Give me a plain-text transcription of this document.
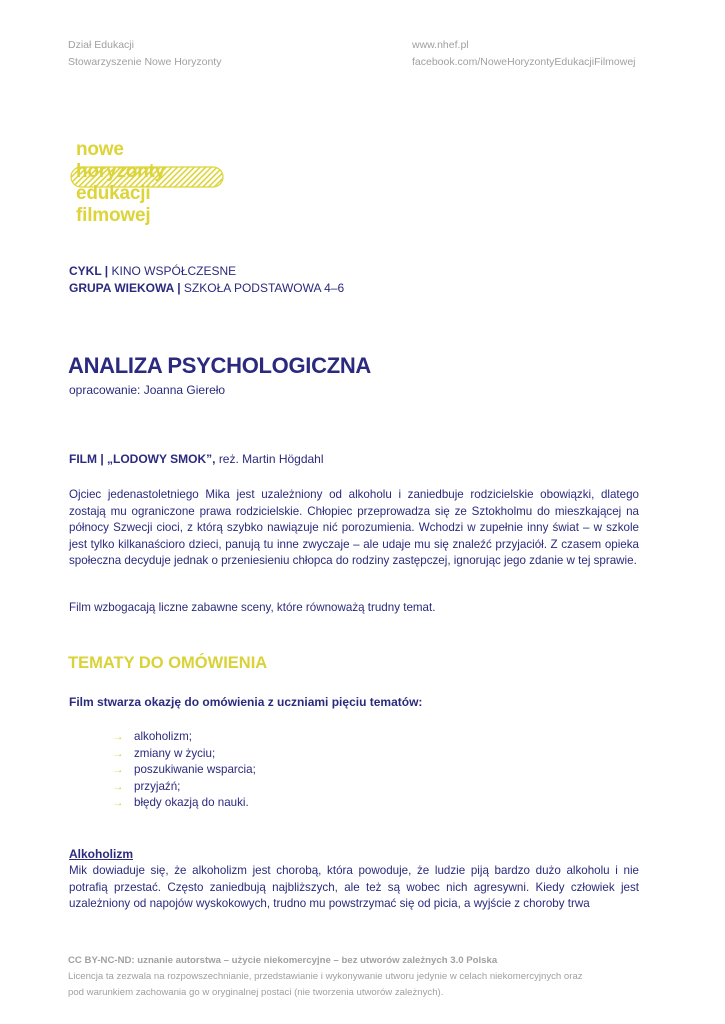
Dział Edukacji
Stowarzyszenie Nowe Horyzonty
www.nhef.pl
facebook.com/NoweHoryzontyEdukacjiFilmowej
nowe
horyzonty
edukacji
filmowej
CYKL | KINO WSPÓŁCZESNE
GRUPA WIEKOWA | SZKOŁA PODSTAWOWA 4–6
ANALIZA PSYCHOLOGICZNA
opracowanie: Joanna Giereło
FILM | „LODOWY SMOK”, reż. Martin Högdahl
Ojciec jedenastoletniego Mika jest uzależniony od alkoholu i zaniedbuje rodzicielskie obowiązki, dlatego zostają mu ograniczone prawa rodzicielskie. Chłopiec przeprowadza się ze Sztokholmu do mieszkającej na północy Szwecji cioci, z którą szybko nawiązuje nić porozumienia. Wchodzi w zupełnie inny świat – w szkole jest tylko kilkanaścioro dzieci, panują tu inne zwyczaje – ale udaje mu się znaleźć przyjaciół. Z czasem opieka społeczna decyduje jednak o przeniesieniu chłopca do rodziny zastępczej, ignorując jego zdanie w tej sprawie.
Film wzbogacają liczne zabawne sceny, które równoważą trudny temat.
TEMATY DO OMÓWIENIA
Film stwarza okazję do omówienia z uczniami pięciu tematów:
→ alkoholizm;
→ zmiany w życiu;
→ poszukiwanie wsparcia;
→ przyjaźń;
→ błędy okazją do nauki.
Alkoholizm
Mik dowiaduje się, że alkoholizm jest chorobą, która powoduje, że ludzie piją bardzo dużo alkoholu i nie potrafią przestać. Często zaniedbują najbliższych, ale też są wobec nich agresywni. Kiedy człowiek jest uzależniony od napojów wyskokowych, trudno mu powstrzymać się od picia, a wyjście z choroby trwa
CC BY-NC-ND: uznanie autorstwa – użycie niekomercyjne – bez utworów zależnych 3.0 Polska
Licencja ta zezwala na rozpowszechnianie, przedstawianie i wykonywanie utworu jedynie w celach niekomercyjnych oraz
pod warunkiem zachowania go w oryginalnej postaci (nie tworzenia utworów zależnych).
